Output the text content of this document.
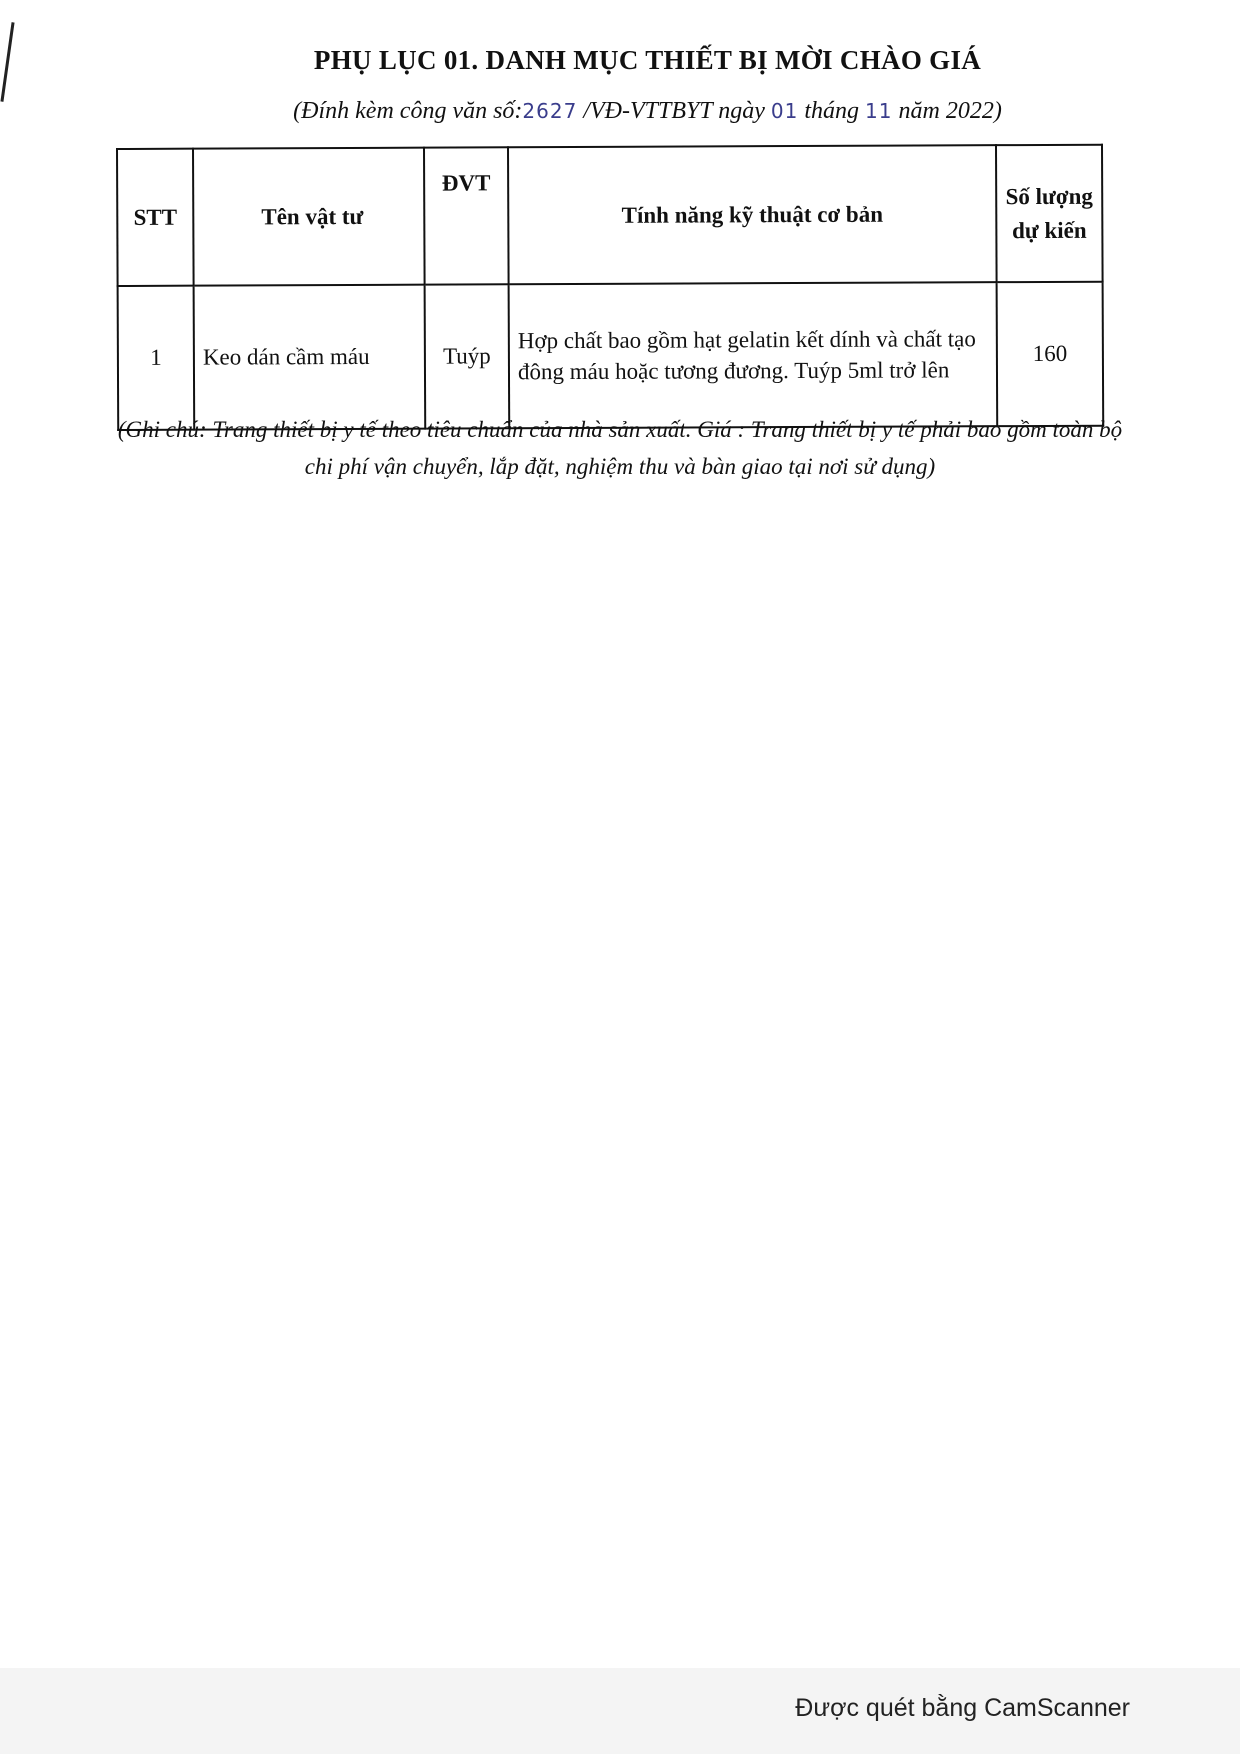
PHỤ LỤC 01. DANH MỤC THIẾT BỊ MỜI CHÀO GIÁ
(Đính kèm công văn số:2627 /VĐ-VTTBYT ngày 01 tháng 11 năm 2022)
STT	Tên vật tư	ĐVT	Tính năng kỹ thuật cơ bản	Số lượng dự kiến
1	Keo dán cầm máu	Tuýp	Hợp chất bao gồm hạt gelatin kết dính và chất tạo đông máu hoặc tương đương. Tuýp 5ml trở lên	160
(Ghi chú: Trang thiết bị y tế theo tiêu chuẩn của nhà sản xuất. Giá : Trang thiết bị y tế phải bao gồm toàn bộ chi phí vận chuyển, lắp đặt, nghiệm thu và bàn giao tại nơi sử dụng)
Được quét bằng CamScanner
